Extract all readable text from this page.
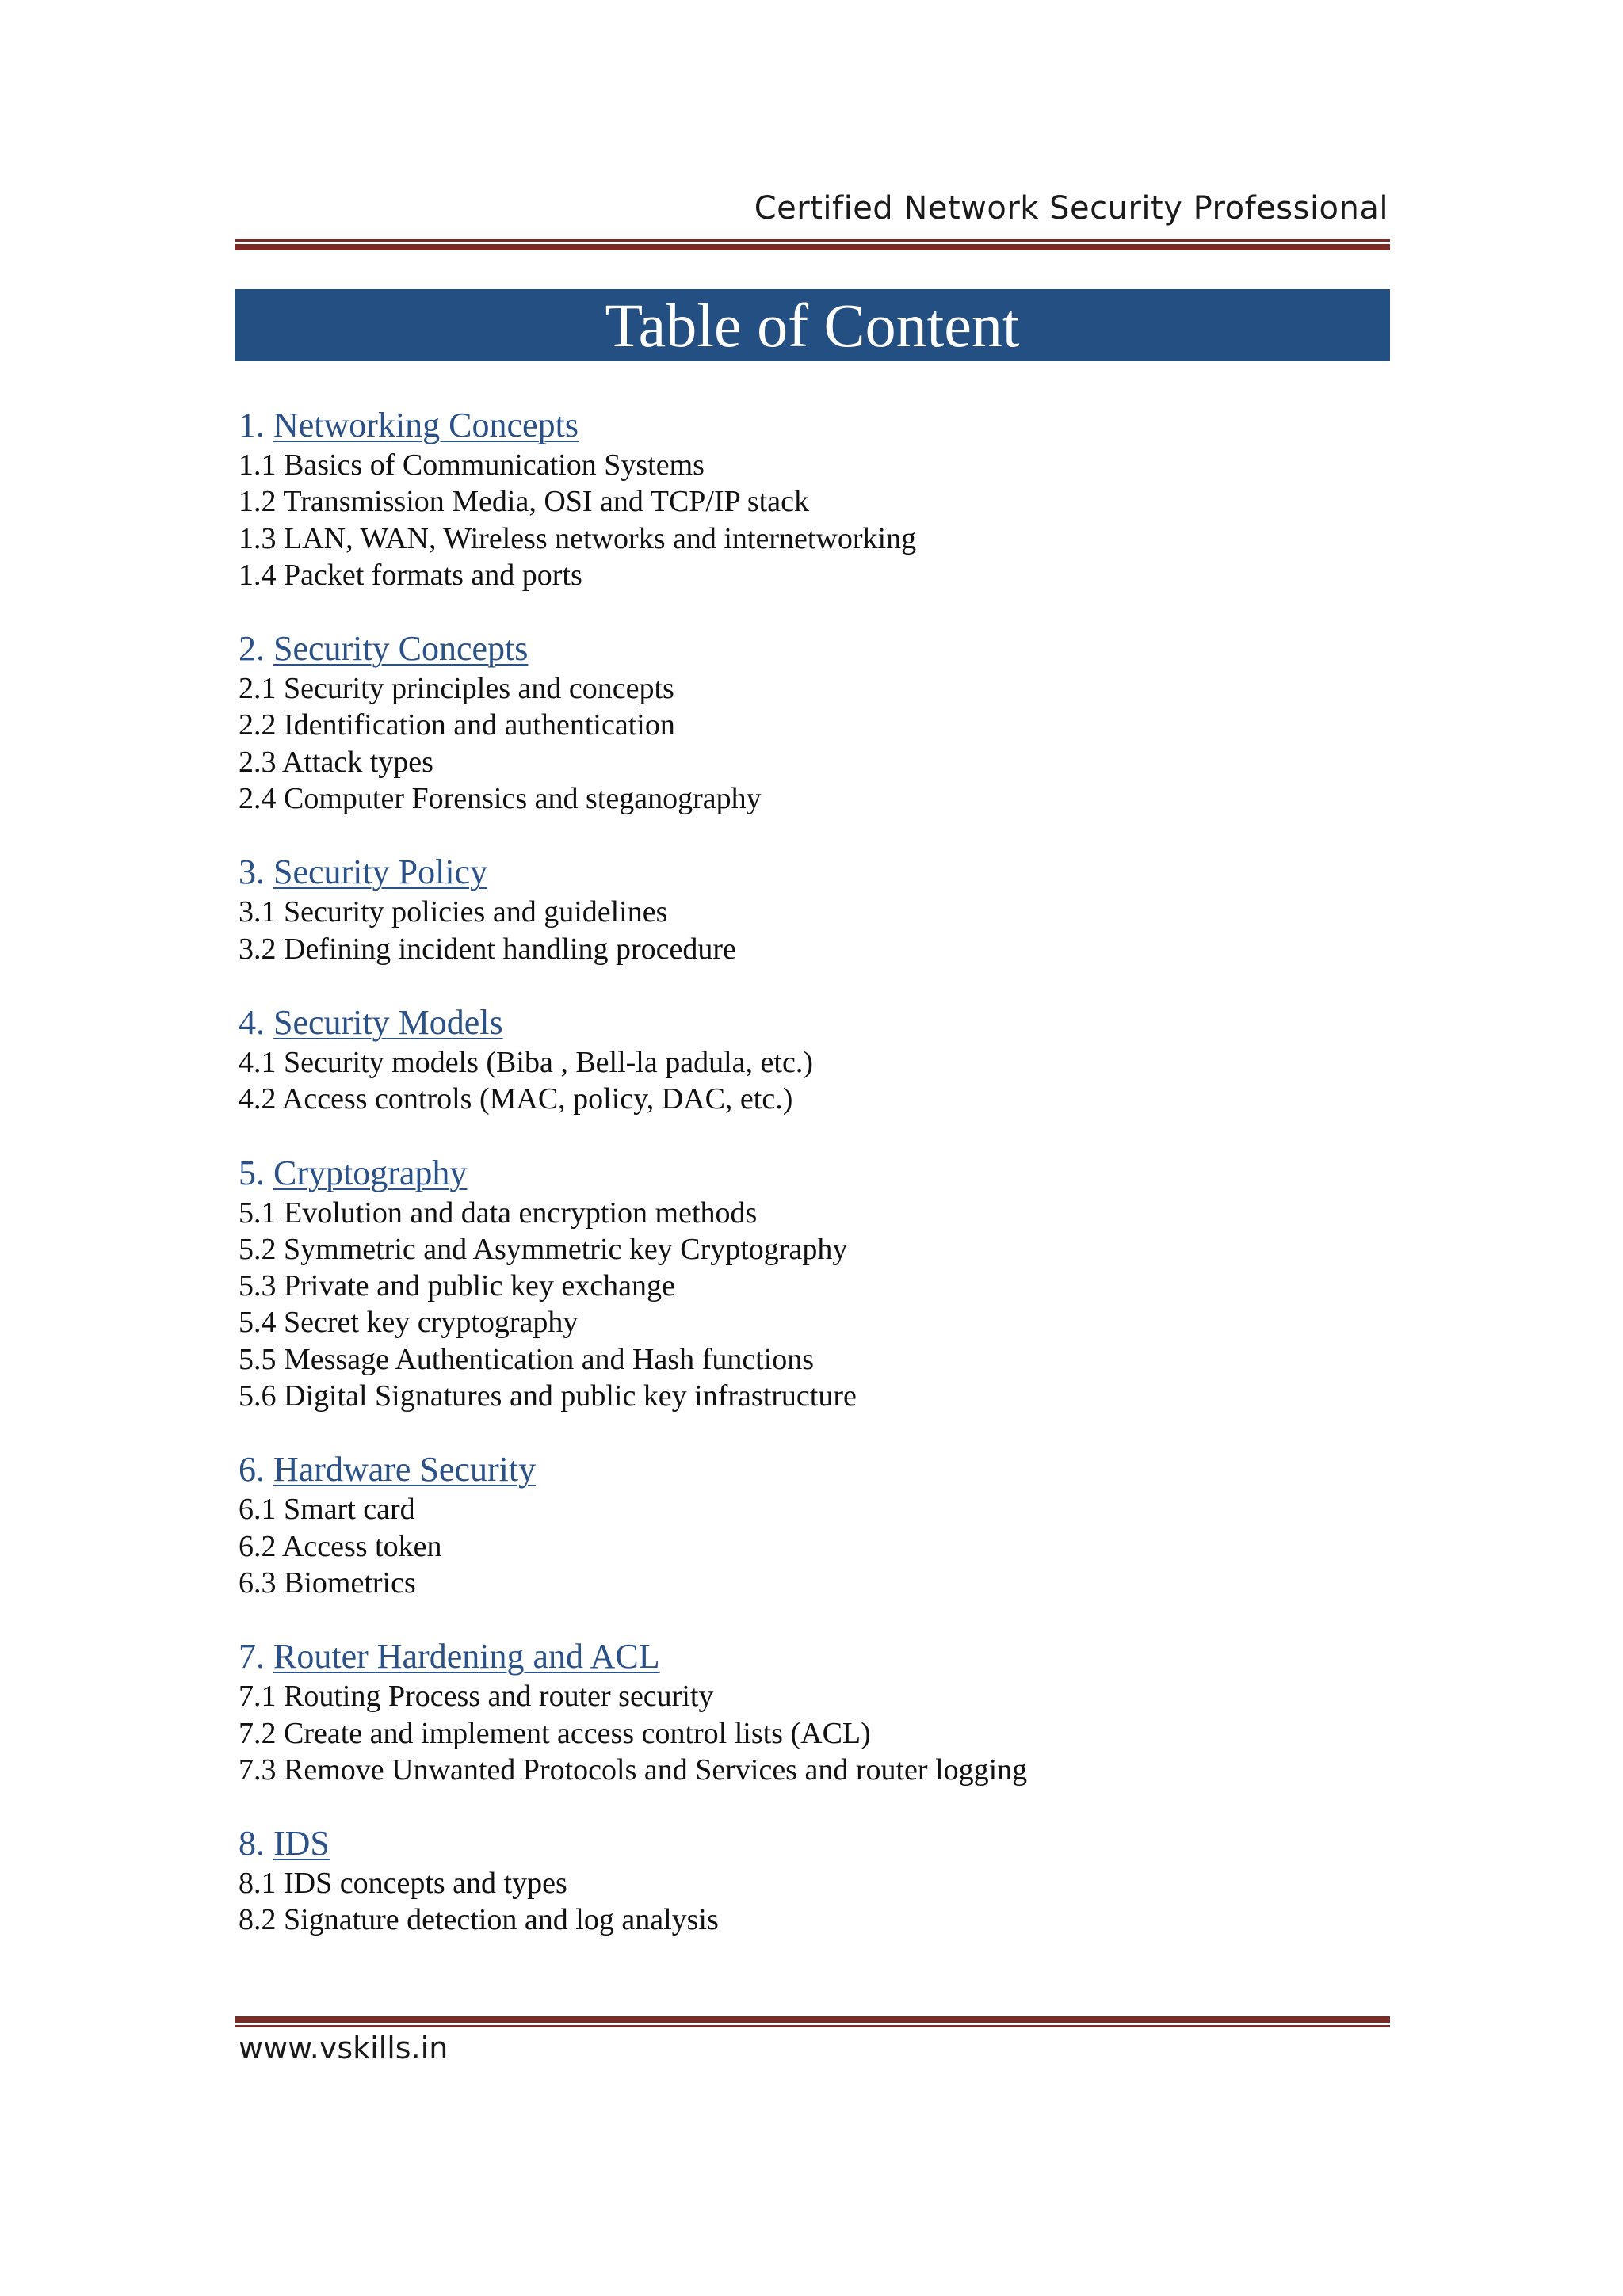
Certified Network Security Professional
Table of Content
1. Networking Concepts
1.1 Basics of Communication Systems
1.2 Transmission Media, OSI and TCP/IP stack
1.3 LAN, WAN, Wireless networks and internetworking
1.4 Packet formats and ports
2. Security Concepts
2.1 Security principles and concepts
2.2 Identification and authentication
2.3 Attack types
2.4 Computer Forensics and steganography
3. Security Policy
3.1 Security policies and guidelines
3.2 Defining incident handling procedure
4. Security Models
4.1 Security models (Biba , Bell-la padula, etc.)
4.2 Access controls (MAC, policy, DAC, etc.)
5. Cryptography
5.1 Evolution and data encryption methods
5.2 Symmetric and Asymmetric key Cryptography
5.3 Private and public key exchange
5.4 Secret key cryptography
5.5 Message Authentication and Hash functions
5.6 Digital Signatures and public key infrastructure
6. Hardware Security
6.1 Smart card
6.2 Access token
6.3 Biometrics
7. Router Hardening and ACL
7.1 Routing Process and router security
7.2 Create and implement access control lists (ACL)
7.3 Remove Unwanted Protocols and Services and router logging
8. IDS
8.1 IDS concepts and types
8.2 Signature detection and log analysis
www.vskills.in
